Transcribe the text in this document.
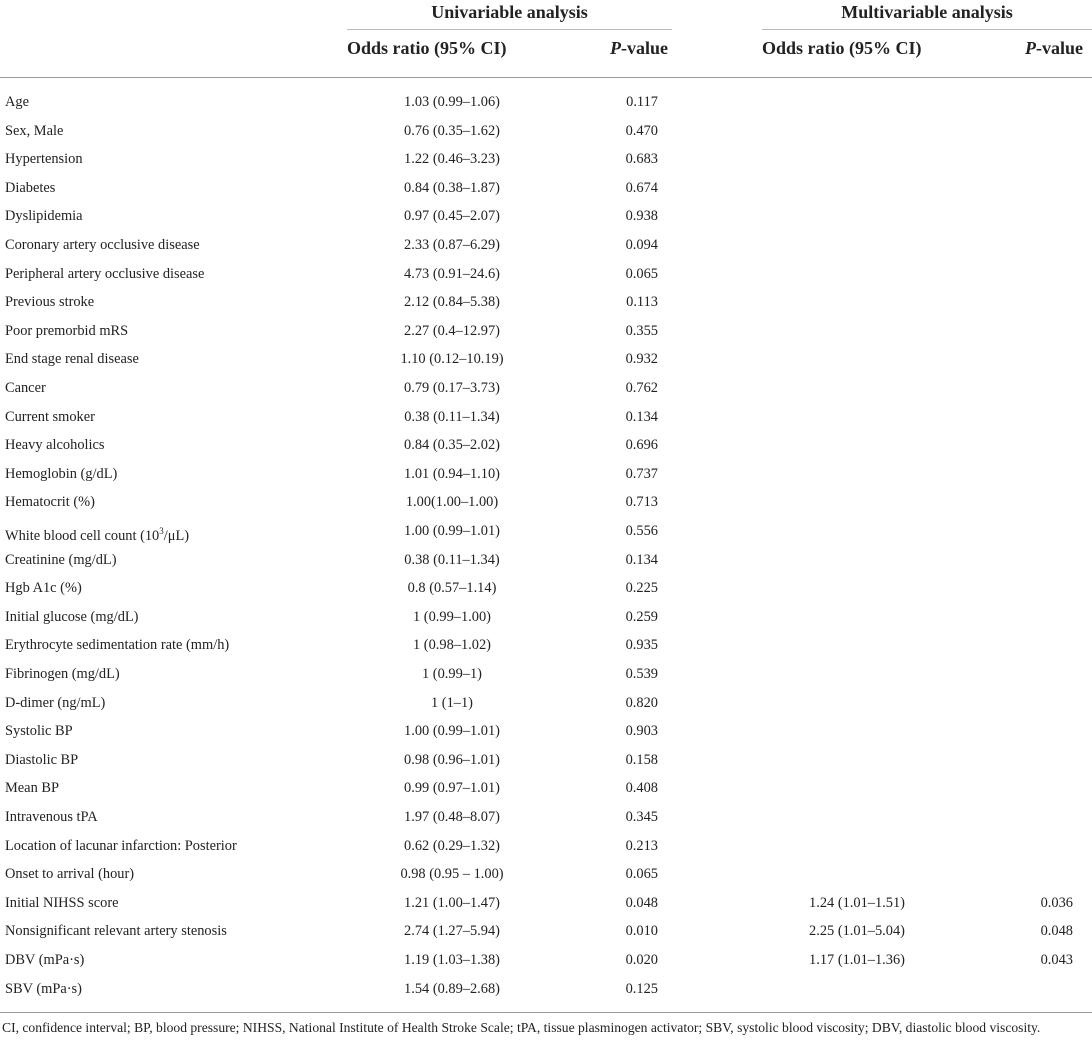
Univariable analysis	Multivariable analysis
Odds ratio (95% CI)	P-value	Odds ratio (95% CI)	P-value
Age	1.03 (0.99–1.06)	0.117
Sex, Male	0.76 (0.35–1.62)	0.470
Hypertension	1.22 (0.46–3.23)	0.683
Diabetes	0.84 (0.38–1.87)	0.674
Dyslipidemia	0.97 (0.45–2.07)	0.938
Coronary artery occlusive disease	2.33 (0.87–6.29)	0.094
Peripheral artery occlusive disease	4.73 (0.91–24.6)	0.065
Previous stroke	2.12 (0.84–5.38)	0.113
Poor premorbid mRS	2.27 (0.4–12.97)	0.355
End stage renal disease	1.10 (0.12–10.19)	0.932
Cancer	0.79 (0.17–3.73)	0.762
Current smoker	0.38 (0.11–1.34)	0.134
Heavy alcoholics	0.84 (0.35–2.02)	0.696
Hemoglobin (g/dL)	1.01 (0.94–1.10)	0.737
Hematocrit (%)	1.00(1.00–1.00)	0.713
White blood cell count $(10^3/\mu L)$	1.00 (0.99–1.01)	0.556
Creatinine (mg/dL)	0.38 (0.11–1.34)	0.134
Hgb A1c (%)	0.8 (0.57–1.14)	0.225
Initial glucose (mg/dL)	1 (0.99–1.00)	0.259
Erythrocyte sedimentation rate (mm/h)	1 (0.98–1.02)	0.935
Fibrinogen (mg/dL)	1 (0.99–1)	0.539
D-dimer (ng/mL)	1 (1–1)	0.820
Systolic BP	1.00 (0.99–1.01)	0.903
Diastolic BP	0.98 (0.96–1.01)	0.158
Mean BP	0.99 (0.97–1.01)	0.408
Intravenous tPA	1.97 (0.48–8.07)	0.345
Location of lacunar infarction: Posterior	0.62 (0.29–1.32)	0.213
Onset to arrival (hour)	0.98 (0.95 – 1.00)	0.065
Initial NIHSS score	1.21 (1.00–1.47)	0.048	1.24 (1.01–1.51)	0.036
Nonsignificant relevant artery stenosis	2.74 (1.27–5.94)	0.010	2.25 (1.01–5.04)	0.048
DBV (mPa·s)	1.19 (1.03–1.38)	0.020	1.17 (1.01–1.36)	0.043
SBV (mPa·s)	1.54 (0.89–2.68)	0.125
CI, confidence interval; BP, blood pressure; NIHSS, National Institute of Health Stroke Scale; tPA, tissue plasminogen activator; SBV, systolic blood viscosity; DBV, diastolic blood viscosity.
